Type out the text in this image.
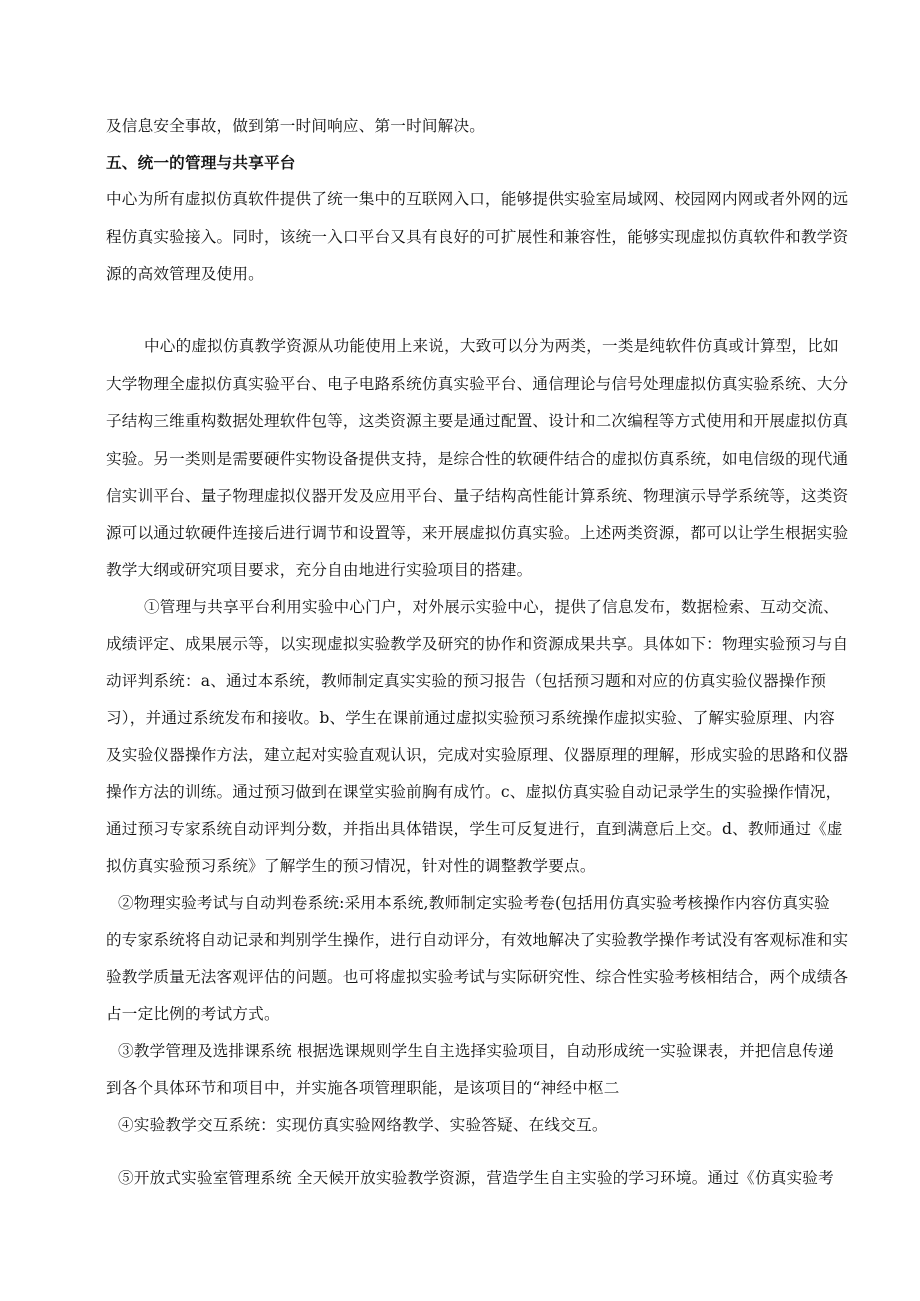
及信息安全事故，做到第一时间响应、第一时间解决。
五、统一的管理与共享平台
中心为所有虚拟仿真软件提供了统一集中的互联网入口，能够提供实验室局域网、校园网内网或者外网的远
程仿真实验接入。同时，该统一入口平台又具有良好的可扩展性和兼容性，能够实现虚拟仿真软件和教学资
源的高效管理及使用。
中心的虚拟仿真教学资源从功能使用上来说，大致可以分为两类，一类是纯软件仿真或计算型，比如
大学物理全虚拟仿真实验平台、电子电路系统仿真实验平台、通信理论与信号处理虚拟仿真实验系统、大分
子结构三维重构数据处理软件包等，这类资源主要是通过配置、设计和二次编程等方式使用和开展虚拟仿真
实验。另一类则是需要硬件实物设备提供支持，是综合性的软硬件结合的虚拟仿真系统，如电信级的现代通
信实训平台、量子物理虚拟仪器开发及应用平台、量子结构高性能计算系统、物理演示导学系统等，这类资
源可以通过软硬件连接后进行调节和设置等，来开展虚拟仿真实验。上述两类资源，都可以让学生根据实验
教学大纲或研究项目要求，充分自由地进行实验项目的搭建。
①管理与共享平台利用实验中心门户，对外展示实验中心，提供了信息发布，数据检索、互动交流、
成绩评定、成果展示等，以实现虚拟实验教学及研究的协作和资源成果共享。具体如下：物理实验预习与自
动评判系统：a、通过本系统，教师制定真实实验的预习报告（包括预习题和对应的仿真实验仪器操作预
习），并通过系统发布和接收。b、学生在课前通过虚拟实验预习系统操作虚拟实验、了解实验原理、内容
及实验仪器操作方法，建立起对实验直观认识，完成对实验原理、仪器原理的理解，形成实验的思路和仪器
操作方法的训练。通过预习做到在课堂实验前胸有成竹。c、虚拟仿真实验自动记录学生的实验操作情况，
通过预习专家系统自动评判分数，并指出具体错误，学生可反复进行，直到满意后上交。d、教师通过《虚
拟仿真实验预习系统》了解学生的预习情况，针对性的调整教学要点。
②物理实验考试与自动判卷系统:采用本系统,教师制定实验考卷(包括用仿真实验考核操作内容仿真实验
的专家系统将自动记录和判别学生操作，进行自动评分，有效地解决了实验教学操作考试没有客观标准和实
验教学质量无法客观评估的问题。也可将虚拟实验考试与实际研究性、综合性实验考核相结合，两个成绩各
占一定比例的考试方式。
③教学管理及选排课系统 根据选课规则学生自主选择实验项目，自动形成统一实验课表，并把信息传递
到各个具体环节和项目中，并实施各项管理职能，是该项目的“神经中枢二
④实验教学交互系统：实现仿真实验网络教学、实验答疑、在线交互。
⑤开放式实验室管理系统 全天候开放实验教学资源，营造学生自主实验的学习环境。通过《仿真实验考
